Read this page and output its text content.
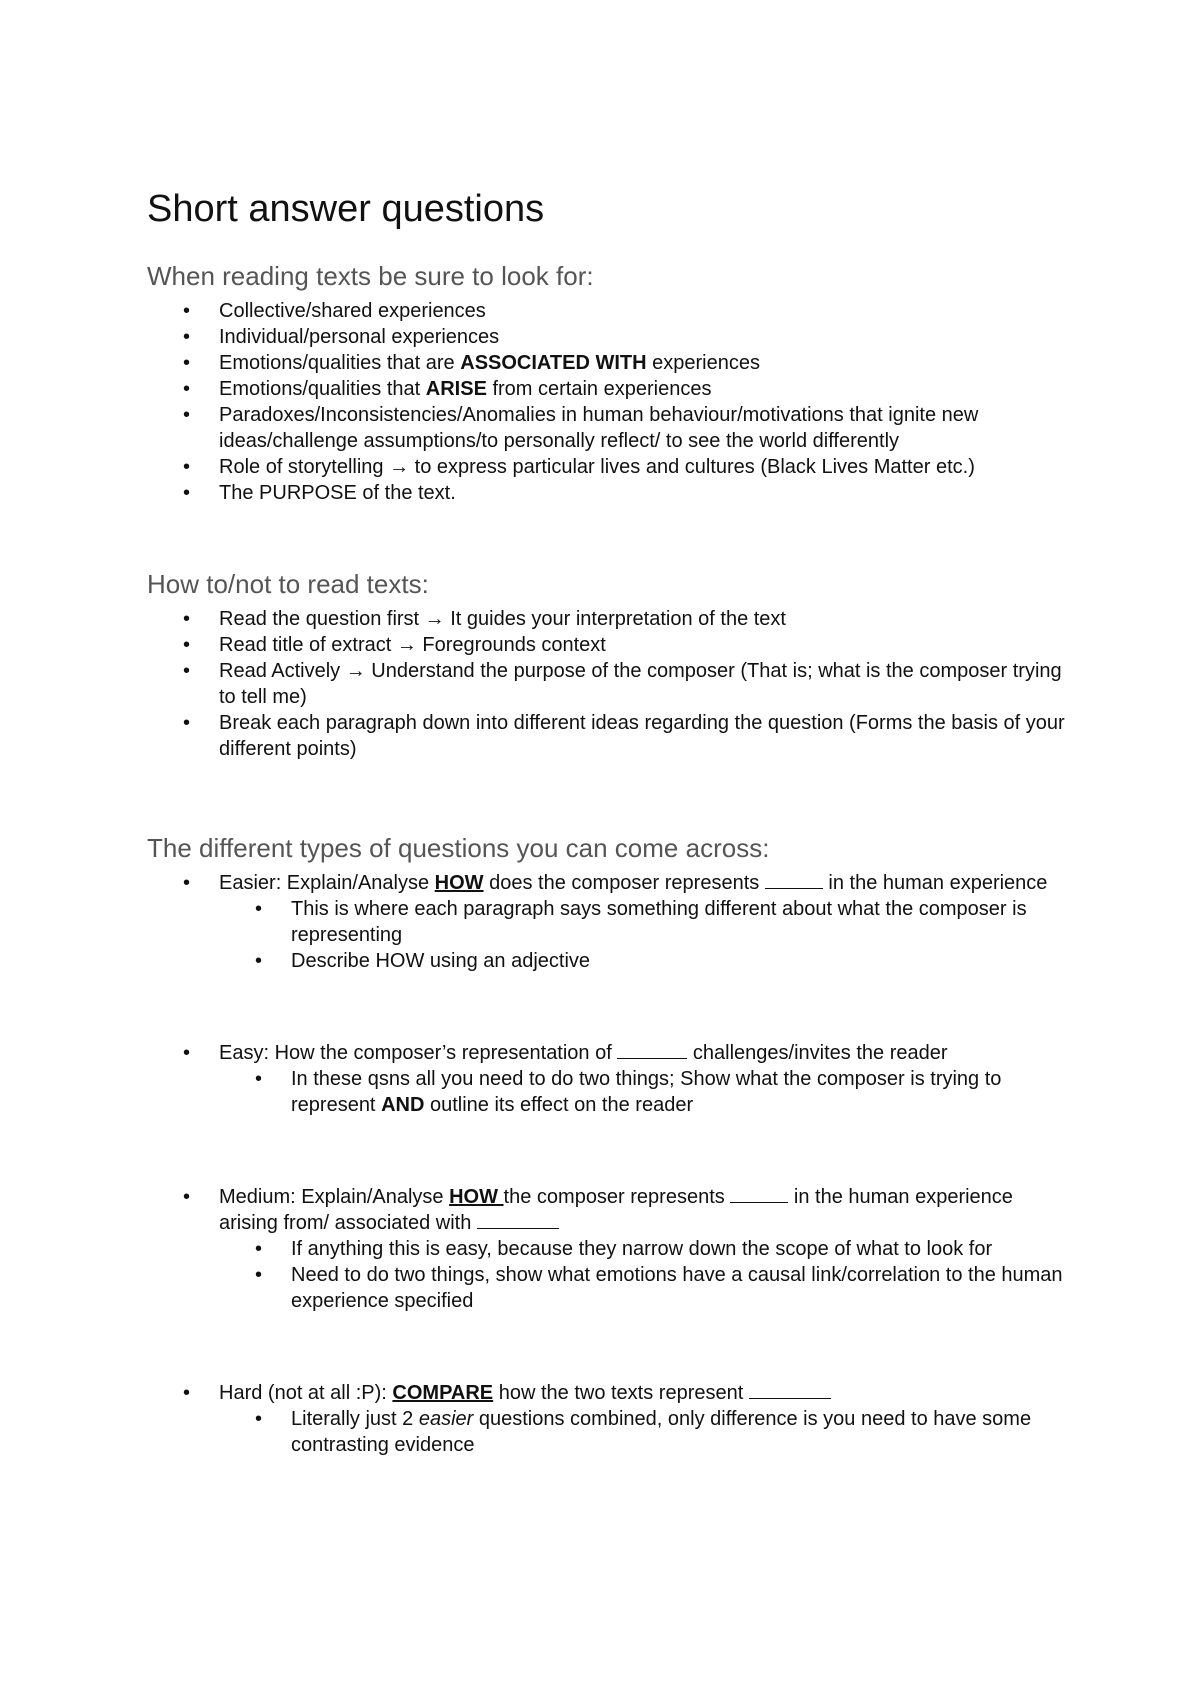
Short answer questions
When reading texts be sure to look for:
• Collective/shared experiences
• Individual/personal experiences
• Emotions/qualities that are ASSOCIATED WITH experiences
• Emotions/qualities that ARISE from certain experiences
• Paradoxes/Inconsistencies/Anomalies in human behaviour/motivations that ignite new ideas/challenge assumptions/to personally reflect/ to see the world differently
• Role of storytelling → to express particular lives and cultures (Black Lives Matter etc.)
• The PURPOSE of the text.
How to/not to read texts:
• Read the question first → It guides your interpretation of the text
• Read title of extract → Foregrounds context
• Read Actively → Understand the purpose of the composer (That is; what is the composer trying to tell me)
• Break each paragraph down into different ideas regarding the question (Forms the basis of your different points)
The different types of questions you can come across:
• Easier: Explain/Analyse HOW does the composer represents	in the human experience
• This is where each paragraph says something different about what the composer is representing
• Describe HOW using an adjective
• Easy: How the composer’s representation of	challenges/invites the reader
• In these qsns all you need to do two things; Show what the composer is trying to represent AND outline its effect on the reader
• Medium: Explain/Analyse HOW the composer represents	in the human experience arising from/ associated with
• If anything this is easy, because they narrow down the scope of what to look for
• Need to do two things, show what emotions have a causal link/correlation to the human experience specified
• Hard (not at all :P): COMPARE how the two texts represent
• Literally just 2 easier questions combined, only difference is you need to have some contrasting evidence
